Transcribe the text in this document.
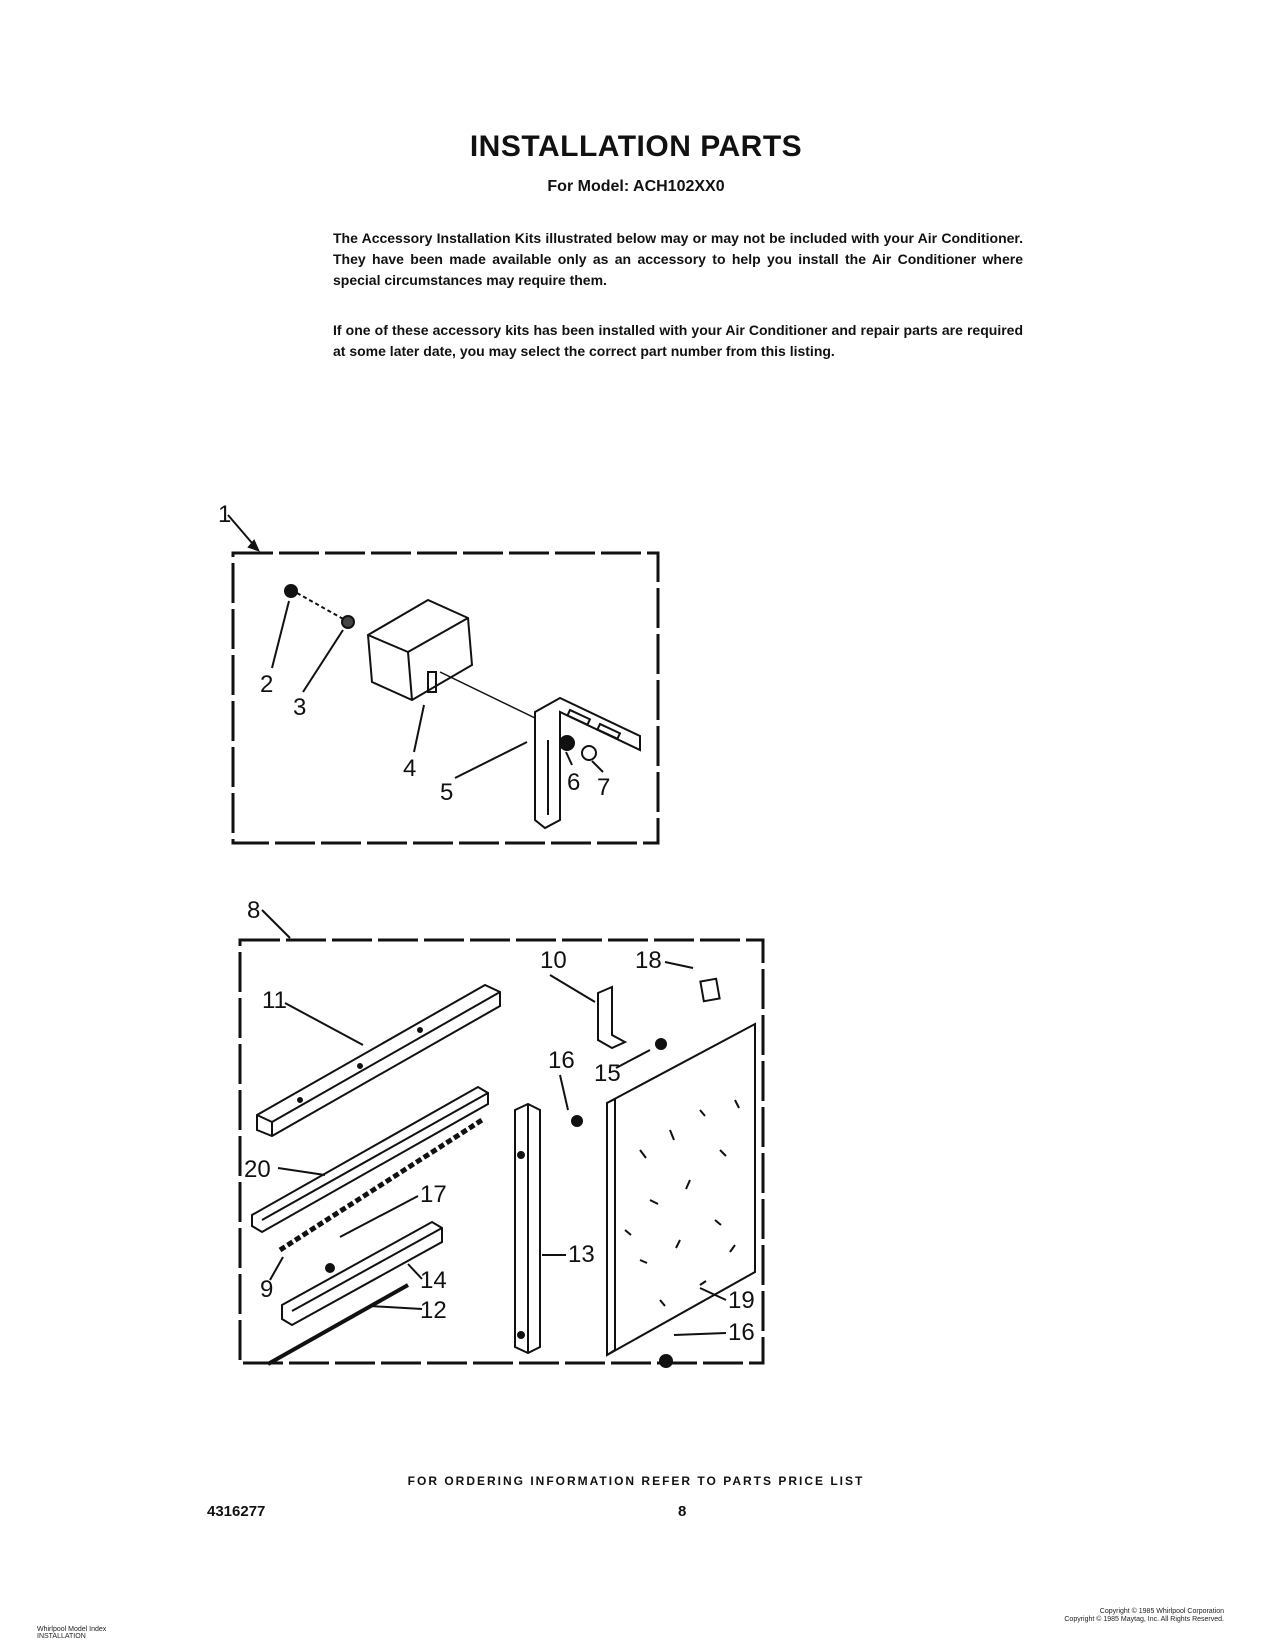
INSTALLATION PARTS
For Model: ACH102XX0
The Accessory Installation Kits illustrated below may or may not be included with your Air Conditioner. They have been made available only as an accessory to help you install the Air Conditioner where special circumstances may require them.
If one of these accessory kits has been installed with your Air Conditioner and repair parts are required at some later date, you may select the correct part number from this listing.
1
2
3
4
5	6 7
8
10	18
11
16 15
20
17
9	14
12
13
19
16
FOR ORDERING INFORMATION REFER TO PARTS PRICE LIST
4316277	8
Whirlpool Model Index
INSTALLATION
Copyright © 1985 Whirlpool Corporation
Copyright © 1985 Maytag, Inc. All Rights Reserved.
